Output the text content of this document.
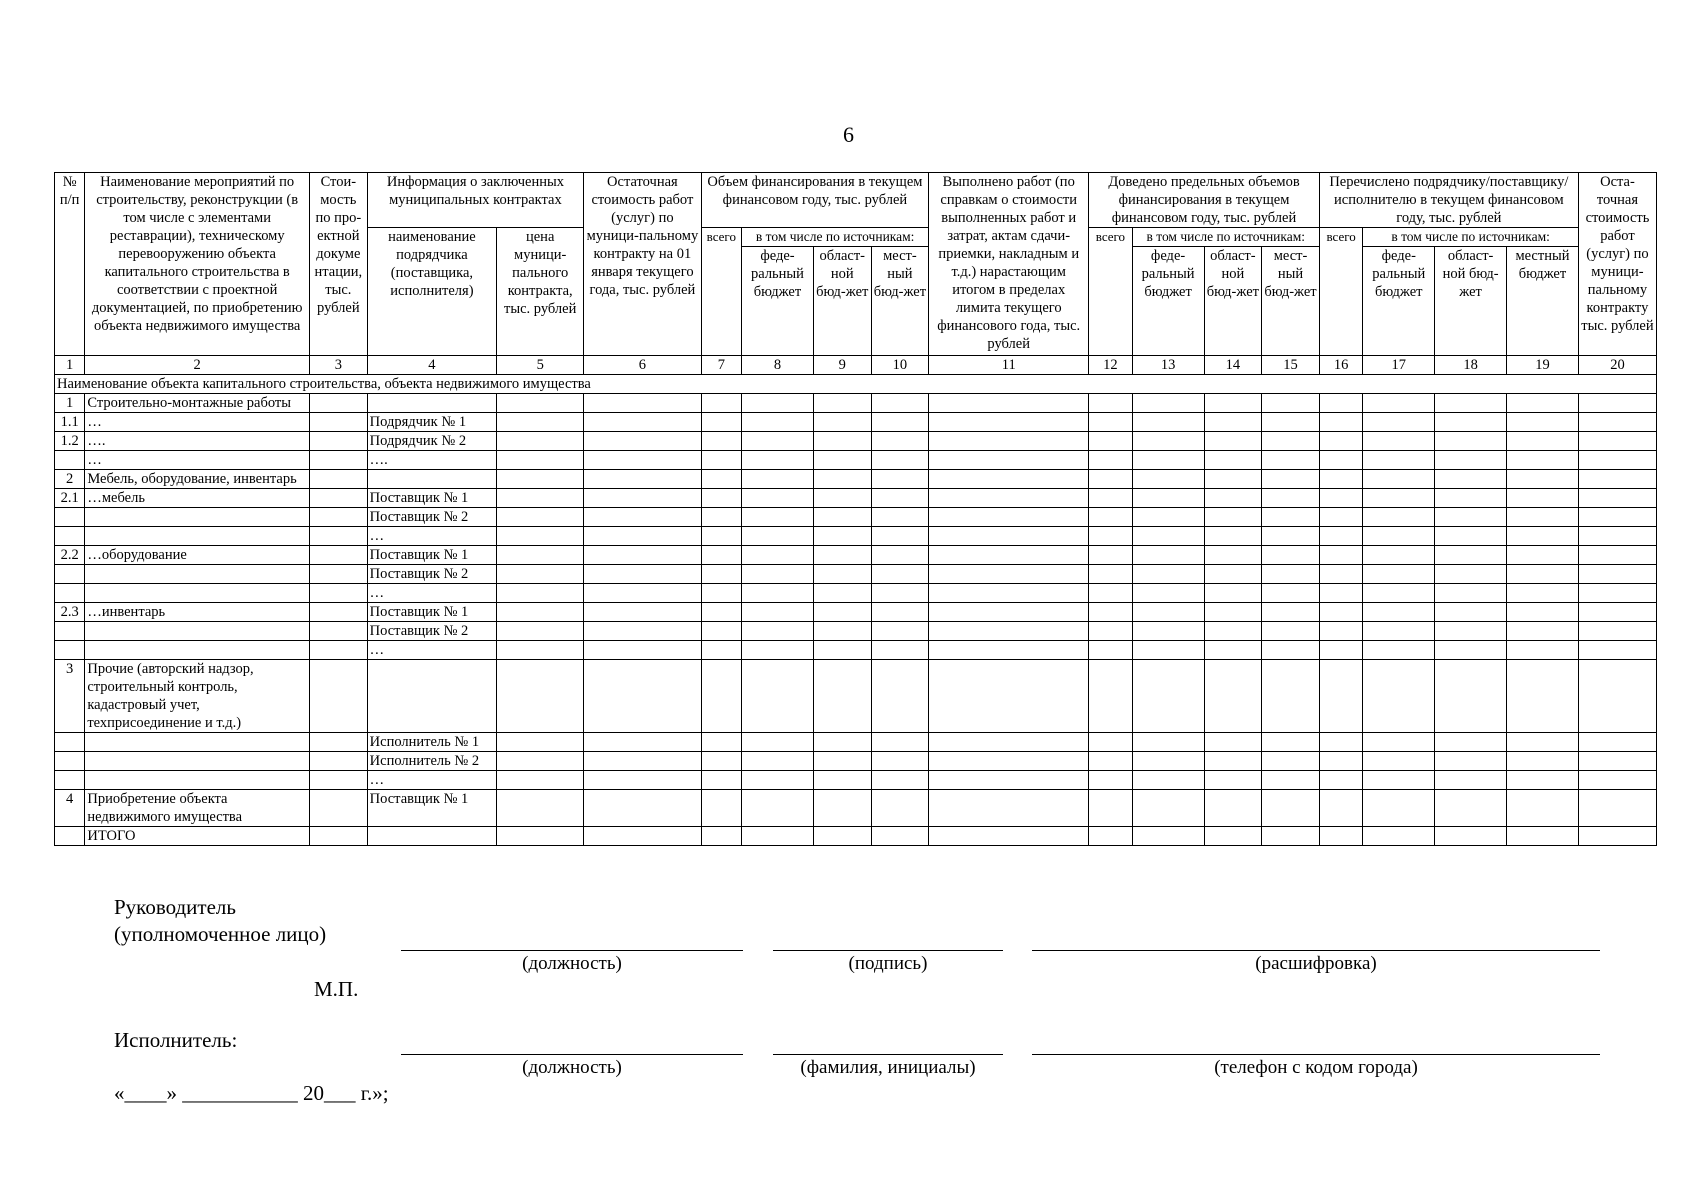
6
№ п/п	Наименование мероприятий по строительству, реконструкции (в том числе с элементами реставрации), техническому перевооружению объекта капитального строительства в соответствии с проектной документацией, по приобретению объекта недвижимого имущества	Стои-мость по про-ектной докуме нтации, тыс. рублей	Информация о заключенных муниципальных контрактах		Остаточная стоимость работ (услуг) по муници-пальному контракту на 01 января текущего года, тыс. рублей	Объем финансирования в текущем финансовом году, тыс. рублей				Выполнено работ (по справкам о стоимости выполненных работ и затрат, актам сдачи-приемки, накладным и т.д.) нарастающим итогом в пределах лимита текущего финансового года, тыс. рублей	Доведено предельных объемов финансирования в текущем финансовом году, тыс. рублей				Перечислено подрядчику/поставщику/ исполнителю в текущем финансовом году, тыс. рублей				Оста-точная стоимость работ (услуг) по муници-пальному контракту тыс. рублей
			наименование подрядчика (поставщика, исполнителя)	цена муници-пального контракта, тыс. рублей		всего	в том числе по источникам:				всего	в том числе по источникам:			всего	в том числе по источникам:			
							феде-ральный бюджет	област-ной бюд-жет	мест-ный бюд-жет			феде-ральный бюджет	област-ной бюд-жет	мест-ный бюд-жет		феде-ральный бюджет	област-ной бюд-жет	местный бюджет	
1	2	3	4	5	6	7	8	9	10	11	12	13	14	15	16	17	18	19	20
Наименование объекта капитального строительства, объекта недвижимого имущества																			
1	Строительно-монтажные работы																		
1.1	…		Подрядчик № 1																
1.2	….		Подрядчик № 2																
	…		….																
2	Мебель, оборудование, инвентарь																		
2.1	…мебель		Поставщик № 1																
			Поставщик № 2																
			…																
2.2	…оборудование		Поставщик № 1																
			Поставщик № 2																
			…																
2.3	…инвентарь		Поставщик № 1																
			Поставщик № 2																
			…																
3	Прочие (авторский надзор, строительный контроль, кадастровый учет, техприсоединение и т.д.)																		
			Исполнитель № 1																
			Исполнитель № 2																
			…																
4	Приобретение объекта недвижимого имущества		Поставщик № 1																
	ИТОГО																		
Руководитель
(уполномоченное лицо)
(должность)	(подпись)	(расшифровка)
М.П.
Исполнитель:
(должность)	(фамилия, инициалы)	(телефон с кодом города)
«____» ___________ 20___ г.»;
